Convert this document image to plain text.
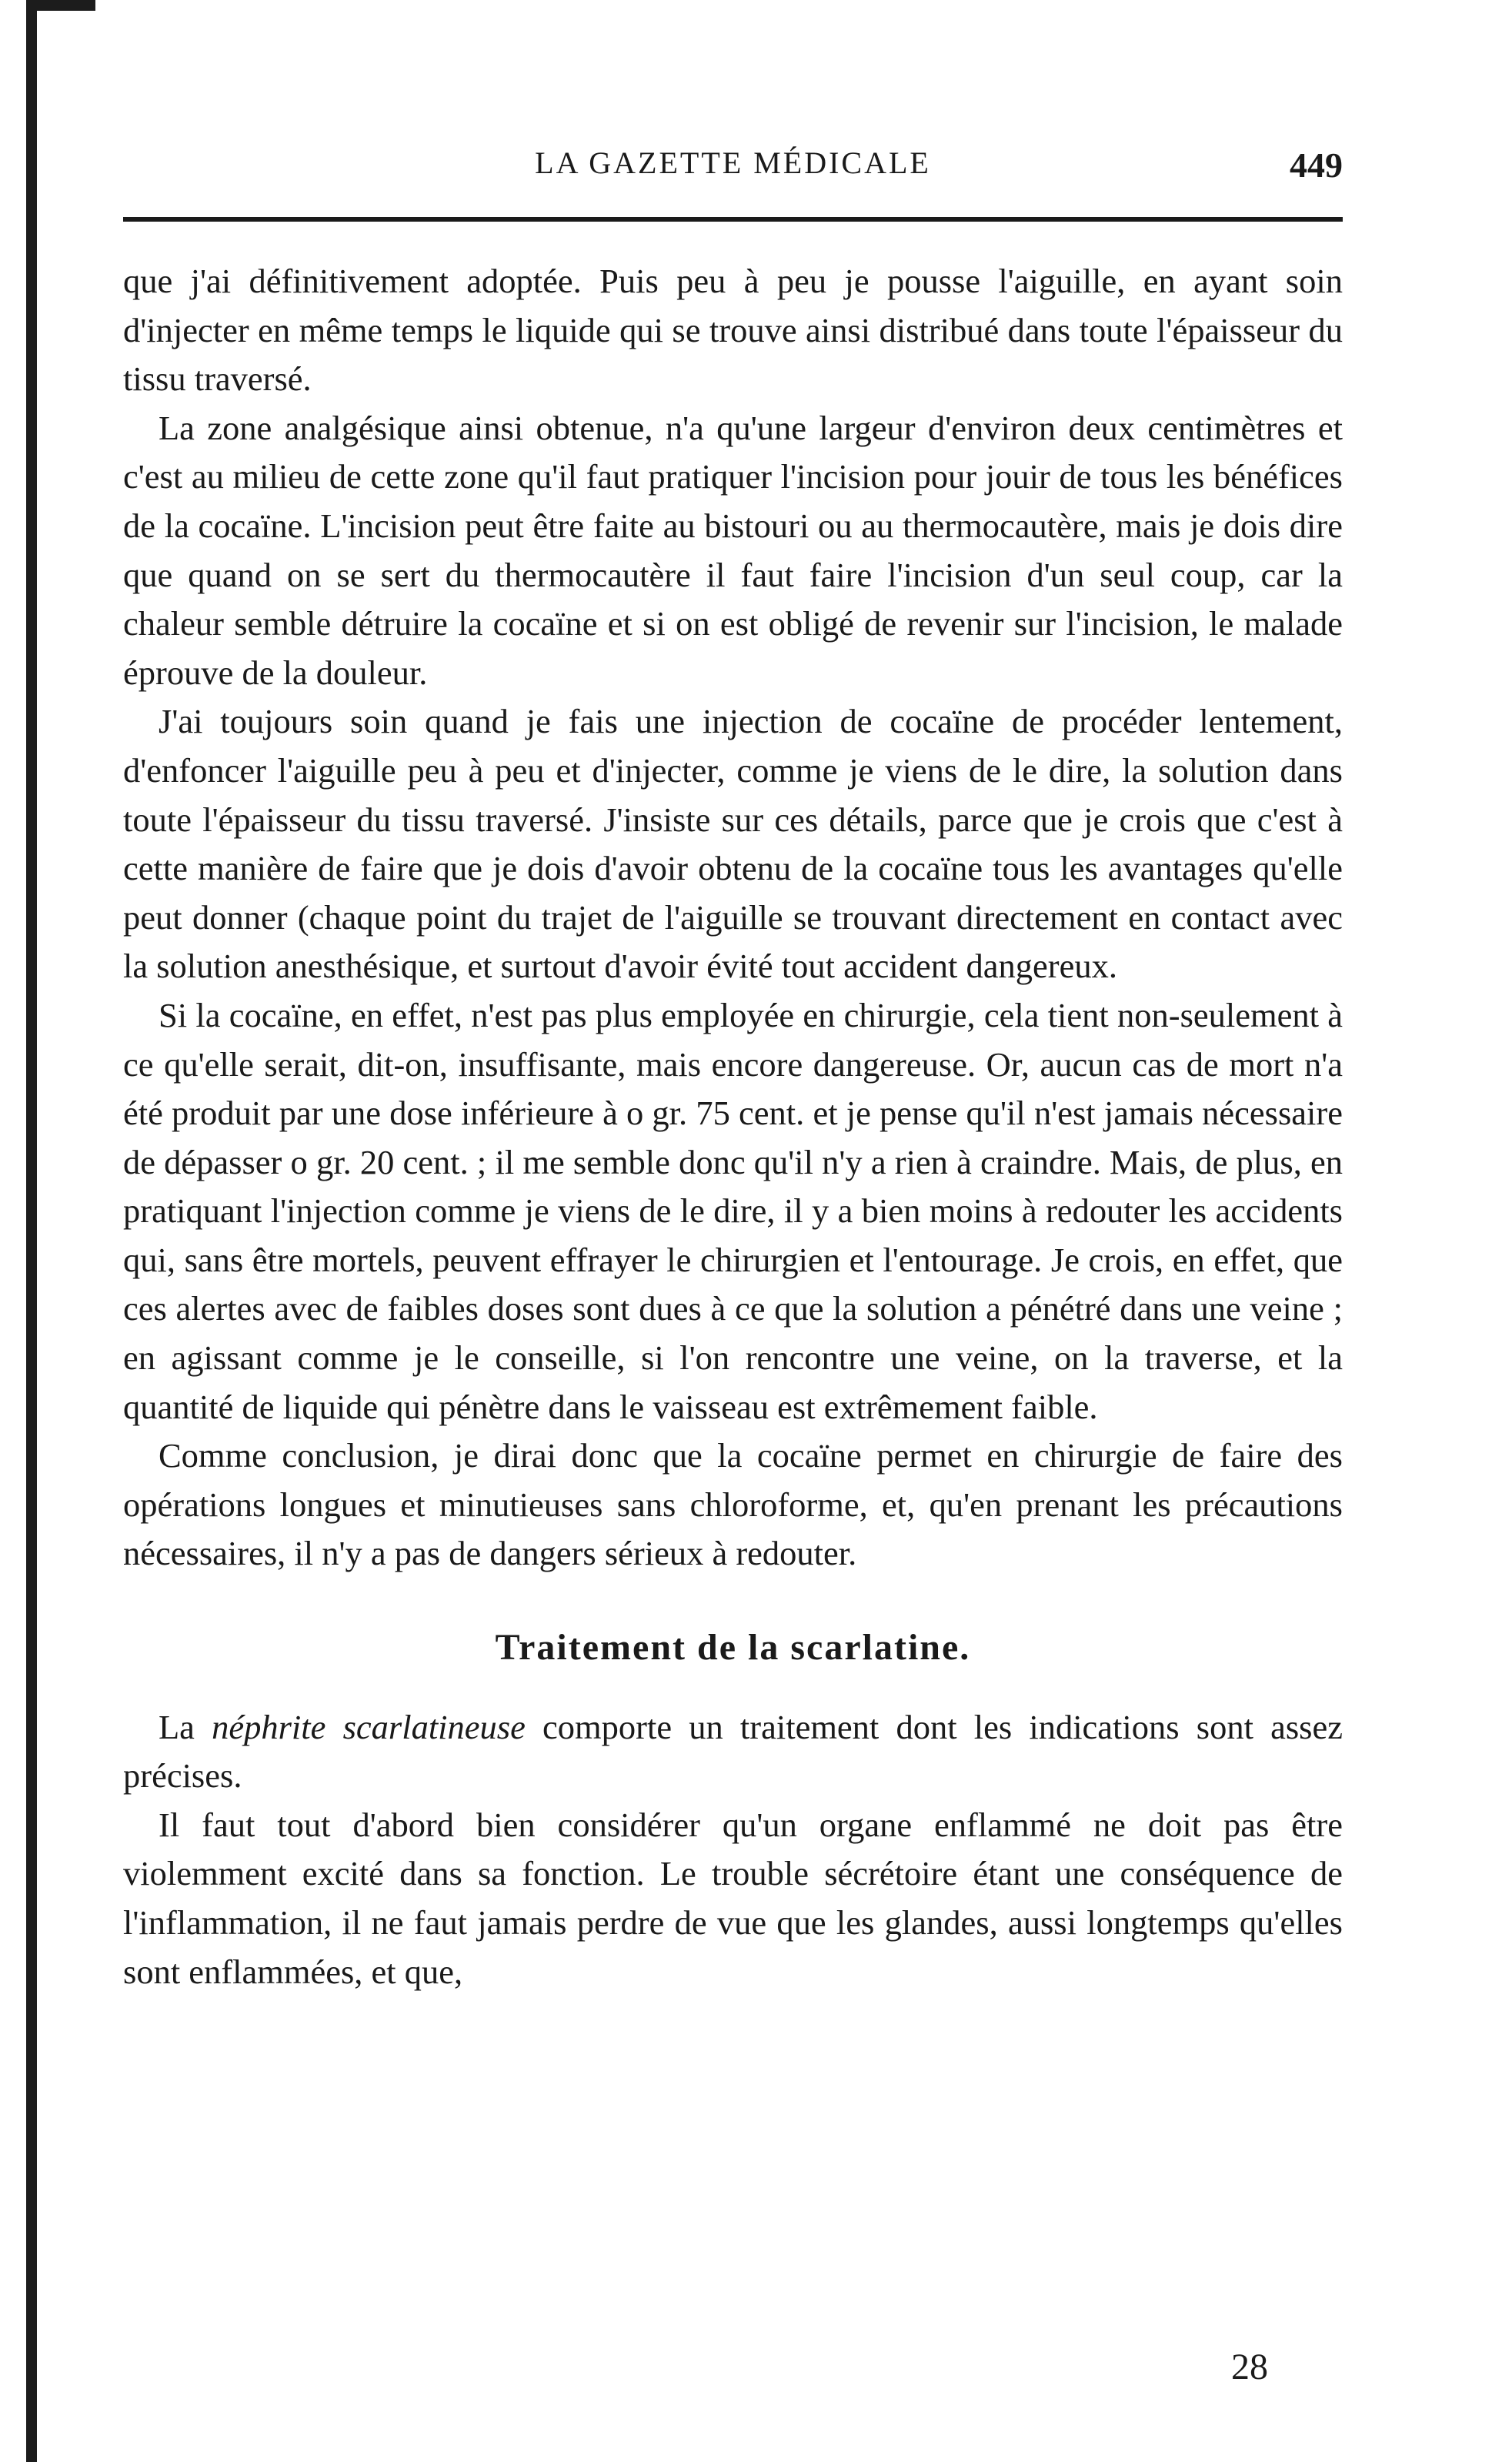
LA GAZETTE MÉDICALE	449

que j'ai définitivement adoptée. Puis peu à peu je pousse l'aiguille, en ayant soin d'injecter en même temps le liquide qui se trouve ainsi distribué dans toute l'épaisseur du tissu traversé.

La zone analgésique ainsi obtenue, n'a qu'une largeur d'environ deux centimètres et c'est au milieu de cette zone qu'il faut pratiquer l'incision pour jouir de tous les bénéfices de la cocaïne. L'incision peut être faite au bistouri ou au thermocautère, mais je dois dire que quand on se sert du thermocautère il faut faire l'incision d'un seul coup, car la chaleur semble détruire la cocaïne et si on est obligé de revenir sur l'incision, le malade éprouve de la douleur.

J'ai toujours soin quand je fais une injection de cocaïne de procéder lentement, d'enfoncer l'aiguille peu à peu et d'injecter, comme je viens de le dire, la solution dans toute l'épaisseur du tissu traversé. J'insiste sur ces détails, parce que je crois que c'est à cette manière de faire que je dois d'avoir obtenu de la cocaïne tous les avantages qu'elle peut donner (chaque point du trajet de l'aiguille se trouvant directement en contact avec la solution anesthésique, et surtout d'avoir évité tout accident dangereux.

Si la cocaïne, en effet, n'est pas plus employée en chirurgie, cela tient non-seulement à ce qu'elle serait, dit-on, insuffisante, mais encore dangereuse. Or, aucun cas de mort n'a été produit par une dose inférieure à o gr. 75 cent. et je pense qu'il n'est jamais nécessaire de dépasser o gr. 20 cent. ; il me semble donc qu'il n'y a rien à craindre. Mais, de plus, en pratiquant l'injection comme je viens de le dire, il y a bien moins à redouter les accidents qui, sans être mortels, peuvent effrayer le chirurgien et l'entourage. Je crois, en effet, que ces alertes avec de faibles doses sont dues à ce que la solution a pénétré dans une veine ; en agissant comme je le conseille, si l'on rencontre une veine, on la traverse, et la quantité de liquide qui pénètre dans le vaisseau est extrêmement faible.

Comme conclusion, je dirai donc que la cocaïne permet en chirurgie de faire des opérations longues et minutieuses sans chloroforme, et, qu'en prenant les précautions nécessaires, il n'y a pas de dangers sérieux à redouter.

Traitement de la scarlatine.

La néphrite scarlatineuse comporte un traitement dont les indications sont assez précises.

Il faut tout d'abord bien considérer qu'un organe enflammé ne doit pas être violemment excité dans sa fonction. Le trouble sécrétoire étant une conséquence de l'inflammation, il ne faut jamais perdre de vue que les glandes, aussi longtemps qu'elles sont enflammées, et que,

28
